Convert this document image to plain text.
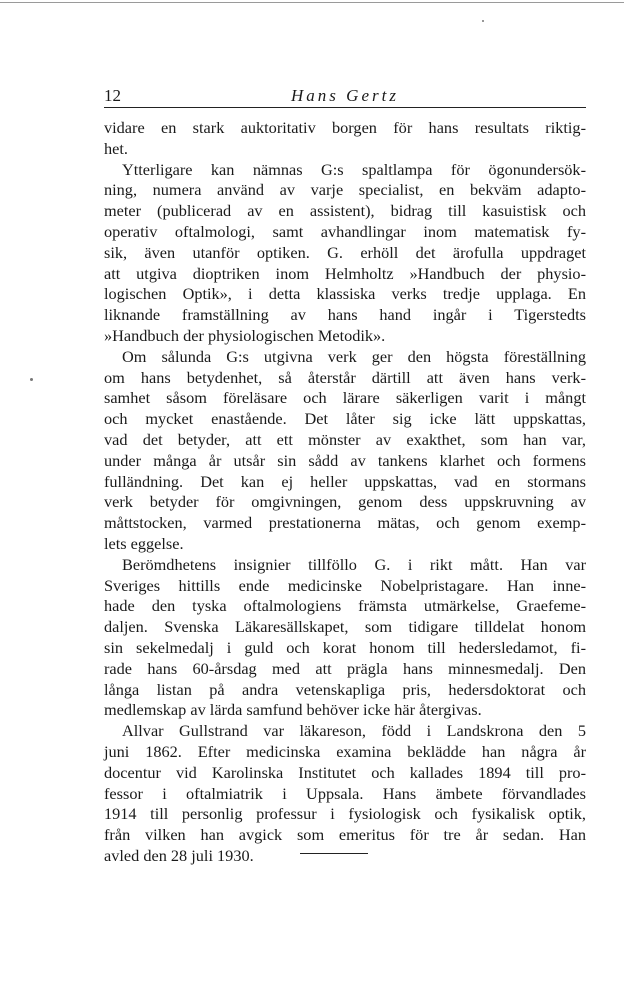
12	Hans Gertz
vidare en stark auktoritativ borgen för hans resultats riktig-
het.
Ytterligare kan nämnas G:s spaltlampa för ögonundersök-
ning, numera använd av varje specialist, en bekväm adapto-
meter (publicerad av en assistent), bidrag till kasuistisk och
operativ oftalmologi, samt avhandlingar inom matematisk fy-
sik, även utanför optiken. G. erhöll det ärofulla uppdraget
att utgiva dioptriken inom Helmholtz »Handbuch der physio-
logischen Optik», i detta klassiska verks tredje upplaga. En
liknande framställning av hans hand ingår i Tigerstedts
»Handbuch der physiologischen Metodik».
Om sålunda G:s utgivna verk ger den högsta föreställning
om hans betydenhet, så återstår därtill att även hans verk-
samhet såsom föreläsare och lärare säkerligen varit i mångt
och mycket enastående. Det låter sig icke lätt uppskattas,
vad det betyder, att ett mönster av exakthet, som han var,
under många år utsår sin sådd av tankens klarhet och formens
fulländning. Det kan ej heller uppskattas, vad en stormans
verk betyder för omgivningen, genom dess uppskruvning av
måttstocken, varmed prestationerna mätas, och genom exemp-
lets eggelse.
Berömdhetens insignier tillföllo G. i rikt mått. Han var
Sveriges hittills ende medicinske Nobelpristagare. Han inne-
hade den tyska oftalmologiens främsta utmärkelse, Graefeme-
daljen. Svenska Läkaresällskapet, som tidigare tilldelat honom
sin sekelmedalj i guld och korat honom till hedersledamot, fi-
rade hans 60-årsdag med att prägla hans minnesmedalj. Den
långa listan på andra vetenskapliga pris, hedersdoktorat och
medlemskap av lärda samfund behöver icke här återgivas.
Allvar Gullstrand var läkareson, född i Landskrona den 5
juni 1862. Efter medicinska examina beklädde han några år
docentur vid Karolinska Institutet och kallades 1894 till pro-
fessor i oftalmiatrik i Uppsala. Hans ämbete förvandlades
1914 till personlig professur i fysiologisk och fysikalisk optik,
från vilken han avgick som emeritus för tre år sedan. Han
avled den 28 juli 1930.
